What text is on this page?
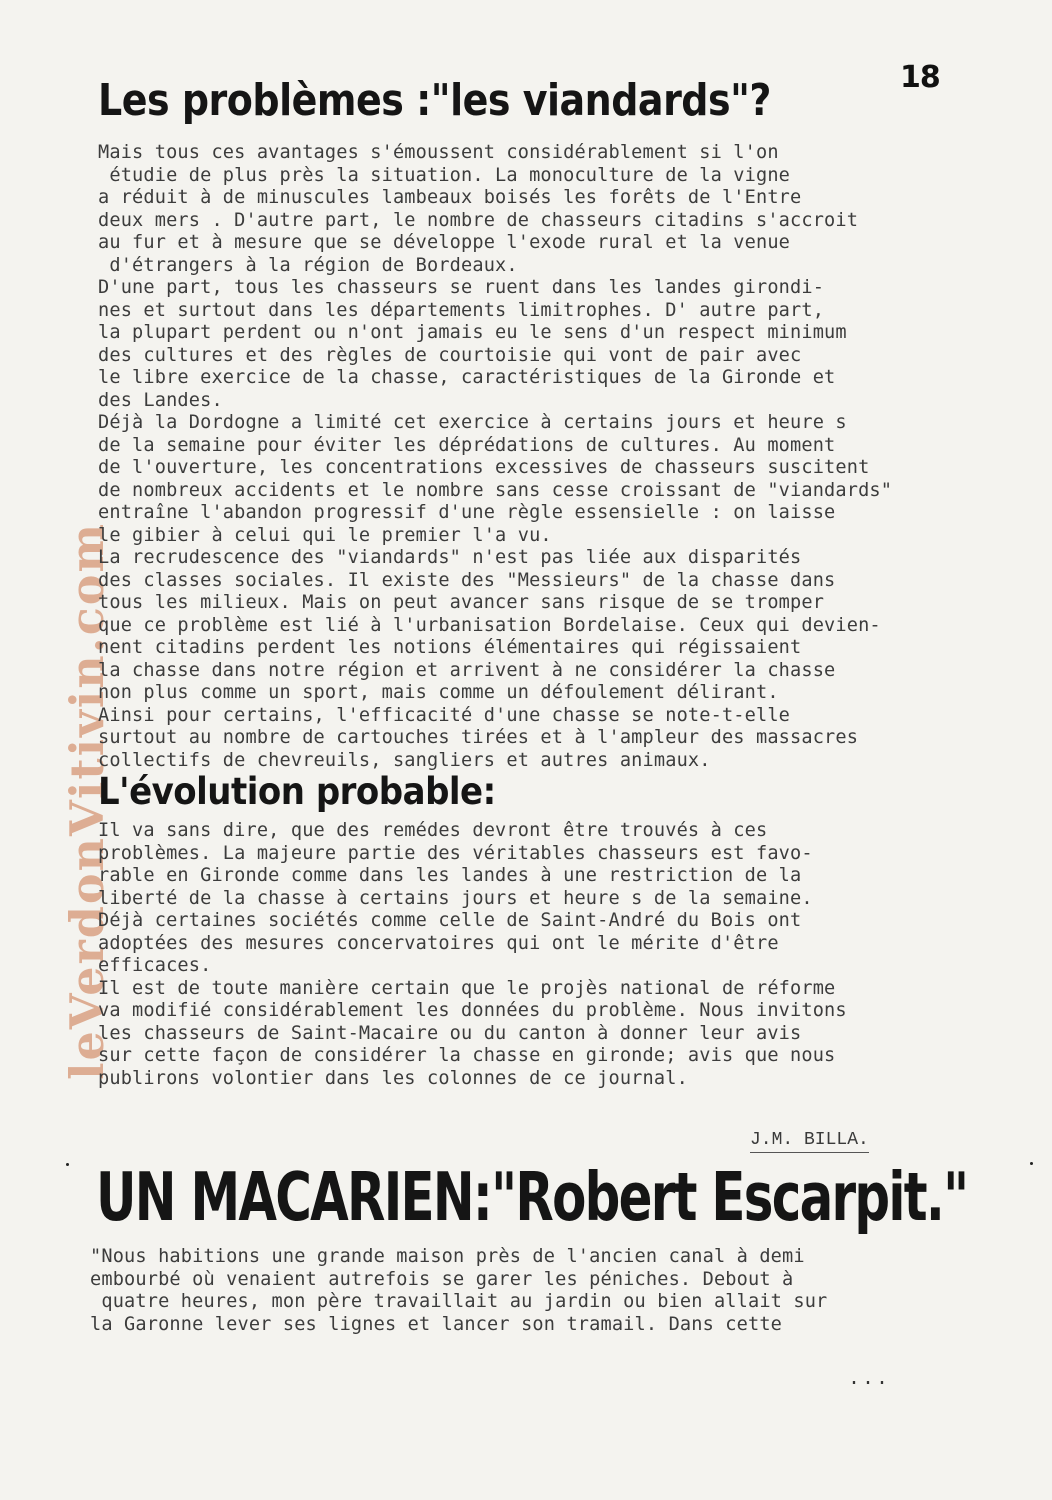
leVerdonVitivin.com
18
Les problèmes :"les viandards"?
Mais tous ces avantages s'émoussent considérablement si l'on
étudie de plus près la situation. La monoculture de la vigne
a réduit à de minuscules lambeaux boisés les forêts de l'Entre
deux mers . D'autre part, le nombre de chasseurs citadins s'accroit
au fur et à mesure que se développe l'exode rural et la venue
d'étrangers à la région de Bordeaux.
D'une part, tous les chasseurs se ruent dans les landes girondi-
nes et surtout dans les départements limitrophes. D' autre part,
la plupart perdent ou n'ont jamais eu le sens d'un respect minimum
des cultures et des règles de courtoisie qui vont de pair avec
le libre exercice de la chasse, caractéristiques de la Gironde et
des Landes.
Déjà la Dordogne a limité cet exercice à certains jours et heure s
de la semaine pour éviter les déprédations de cultures. Au moment
de l'ouverture, les concentrations excessives de chasseurs suscitent
de nombreux accidents et le nombre sans cesse croissant de "viandards"
entraîne l'abandon progressif d'une règle essensielle : on laisse
le gibier à celui qui le premier l'a vu.
La recrudescence des "viandards" n'est pas liée aux disparités
des classes sociales. Il existe des "Messieurs" de la chasse dans
tous les milieux. Mais on peut avancer sans risque de se tromper
que ce problème est lié à l'urbanisation Bordelaise. Ceux qui devien-
nent citadins perdent les notions élémentaires qui régissaient
la chasse dans notre région et arrivent à ne considérer la chasse
non plus comme un sport, mais comme un défoulement délirant.
Ainsi pour certains, l'efficacité d'une chasse se note-t-elle
surtout au nombre de cartouches tirées et à l'ampleur des massacres
collectifs de chevreuils, sangliers et autres animaux.
L'évolution probable:
Il va sans dire, que des remédes devront être trouvés à ces
problèmes. La majeure partie des véritables chasseurs est favo-
rable en Gironde comme dans les landes à une restriction de la
liberté de la chasse à certains jours et heure s de la semaine.
Déjà certaines sociétés comme celle de Saint-André du Bois ont
adoptées des mesures concervatoires qui ont le mérite d'être
efficaces.
Il est de toute manière certain que le projès national de réforme
va modifié considérablement les données du problème. Nous invitons
les chasseurs de Saint-Macaire ou du canton à donner leur avis
sur cette façon de considérer la chasse en gironde; avis que nous
publirons volontier dans les colonnes de ce journal.
J.M. BILLA.
UN MACARIEN:"Robert Escarpit."
"Nous habitions une grande maison près de l'ancien canal à demi
embourbé où venaient autrefois se garer les péniches. Debout à
quatre heures, mon père travaillait au jardin ou bien allait sur
la Garonne lever ses lignes et lancer son tramail. Dans cette
...
